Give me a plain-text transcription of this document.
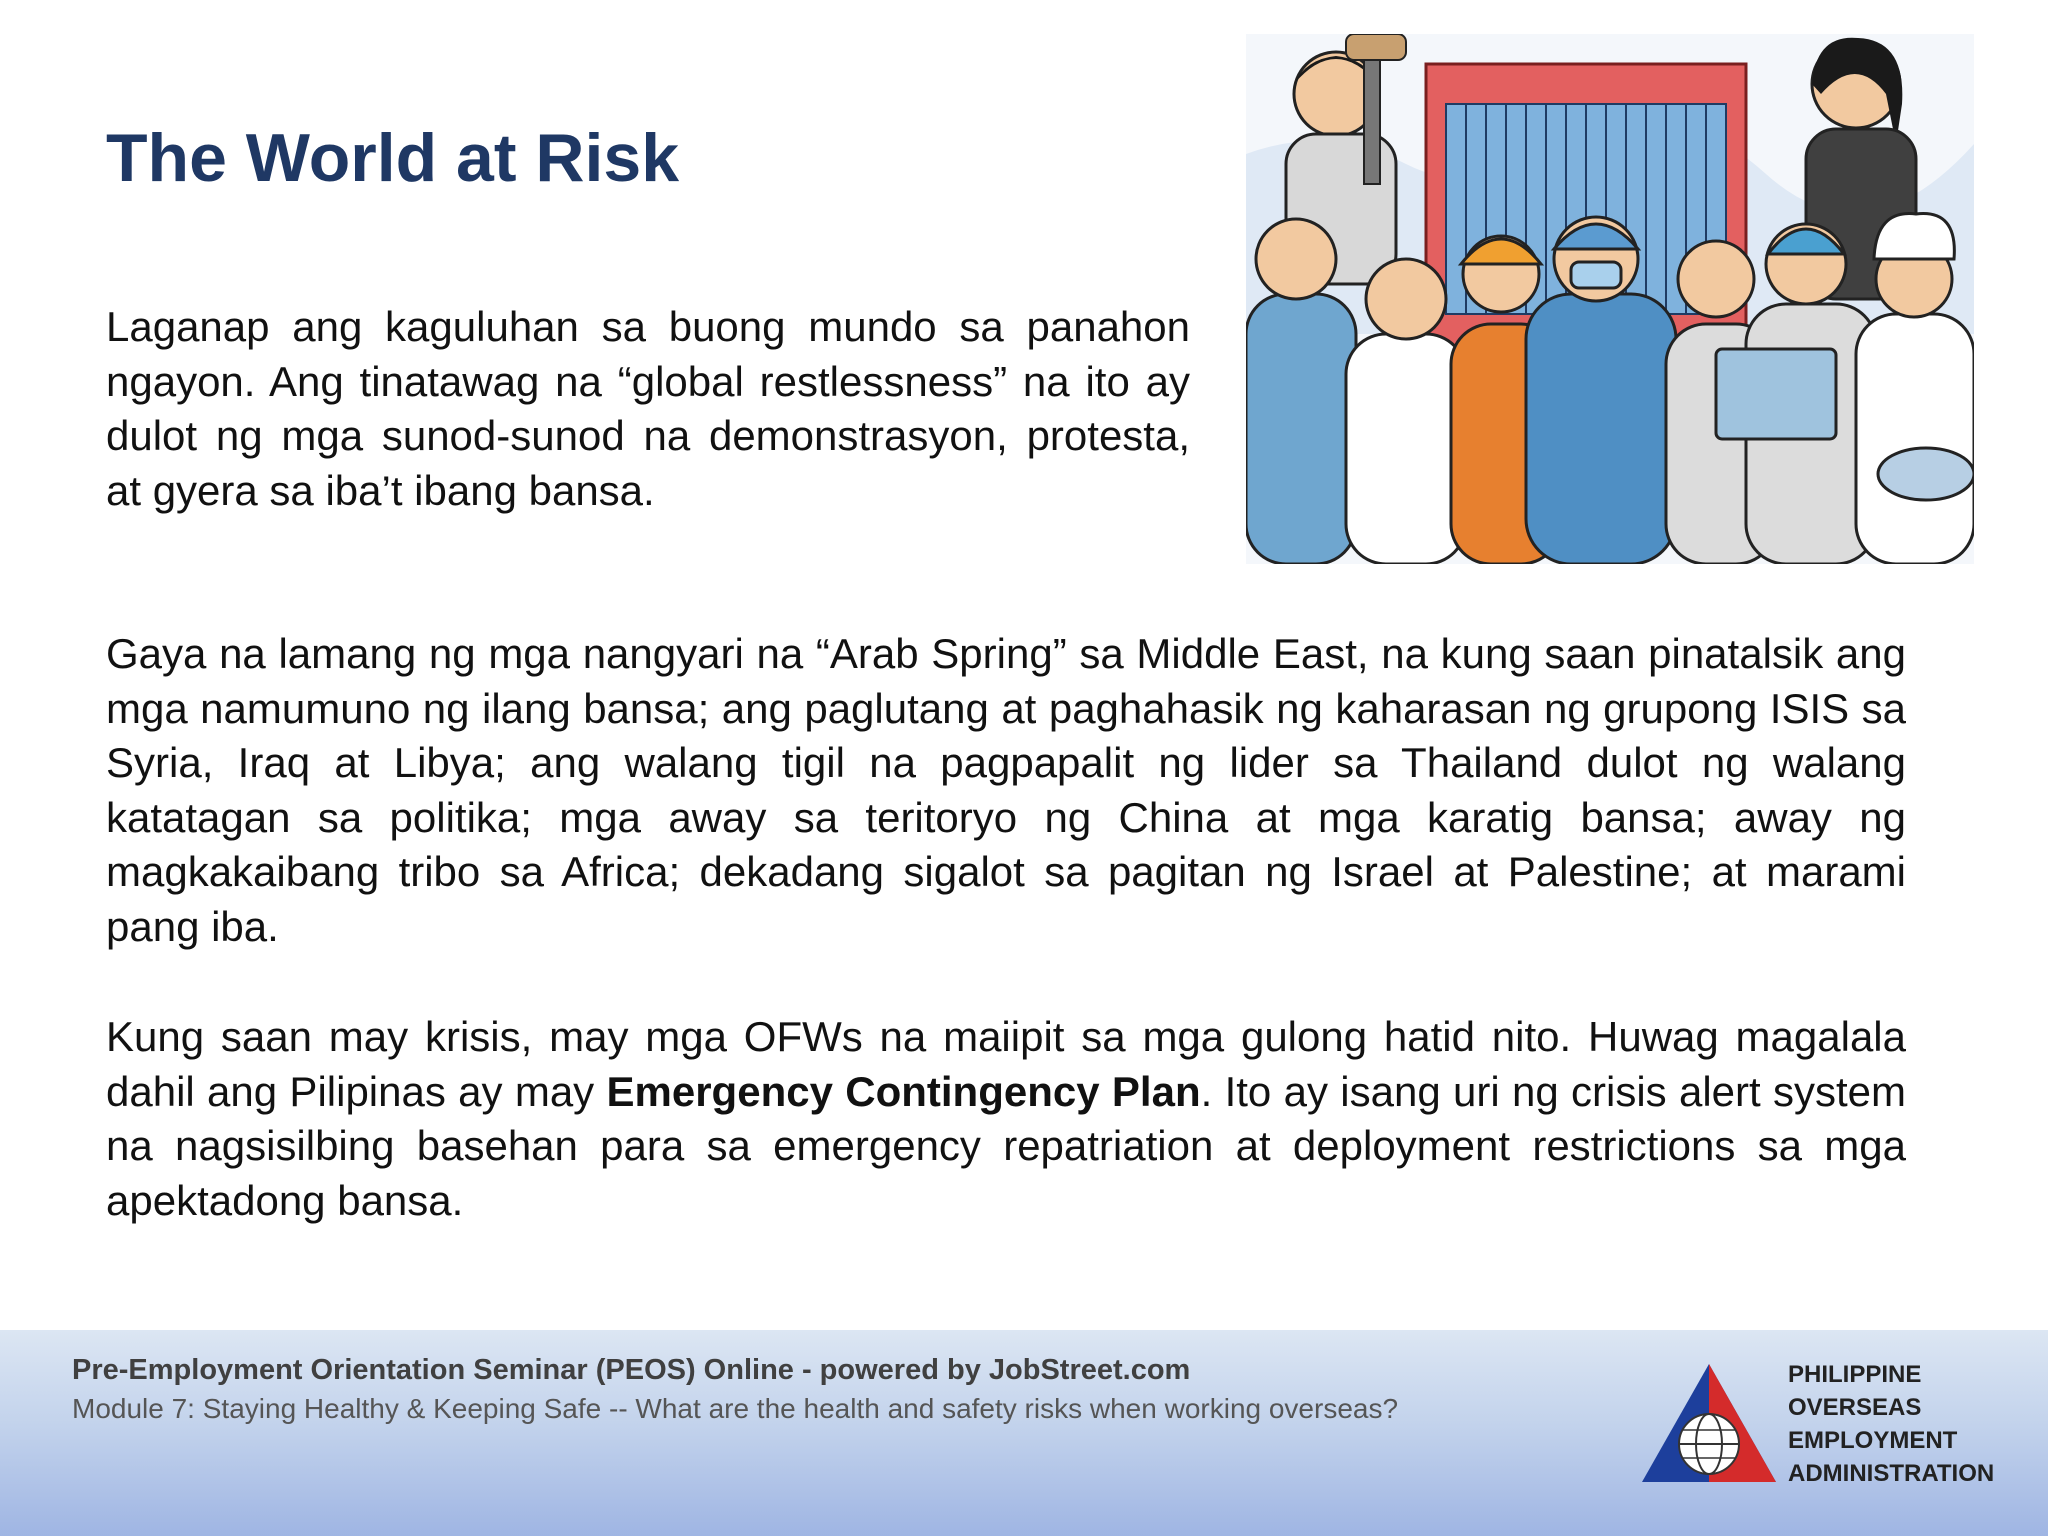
The World at Risk

Laganap ang kaguluhan sa buong mundo sa panahon ngayon. Ang tinatawag na “global restlessness” na ito ay dulot ng mga sunod-sunod na demonstrasyon, protesta, at gyera sa iba’t ibang bansa.

Gaya na lamang ng mga nangyari na “Arab Spring” sa Middle East, na kung saan pinatalsik ang mga namumuno ng ilang bansa; ang paglutang at paghahasik ng kaharasan ng grupong ISIS sa Syria, Iraq at Libya; ang walang tigil na pagpapalit ng lider sa Thailand dulot ng walang katatagan sa politika; mga away sa teritoryo ng China at mga karatig bansa; away ng magkakaibang tribo sa Africa; dekadang sigalot sa pagitan ng Israel at Palestine; at marami pang iba.

Kung saan may krisis, may mga OFWs na maiipit sa mga gulong hatid nito. Huwag magalala dahil ang Pilipinas ay may Emergency Contingency Plan. Ito ay isang uri ng crisis alert system na nagsisilbing basehan para sa emergency repatriation at deployment restrictions sa mga apektadong bansa.

Pre-Employment Orientation Seminar (PEOS) Online - powered by JobStreet.com
Module 7: Staying Healthy & Keeping Safe -- What are the health and safety risks when working overseas?
PHILIPPINE
OVERSEAS
EMPLOYMENT
ADMINISTRATION
